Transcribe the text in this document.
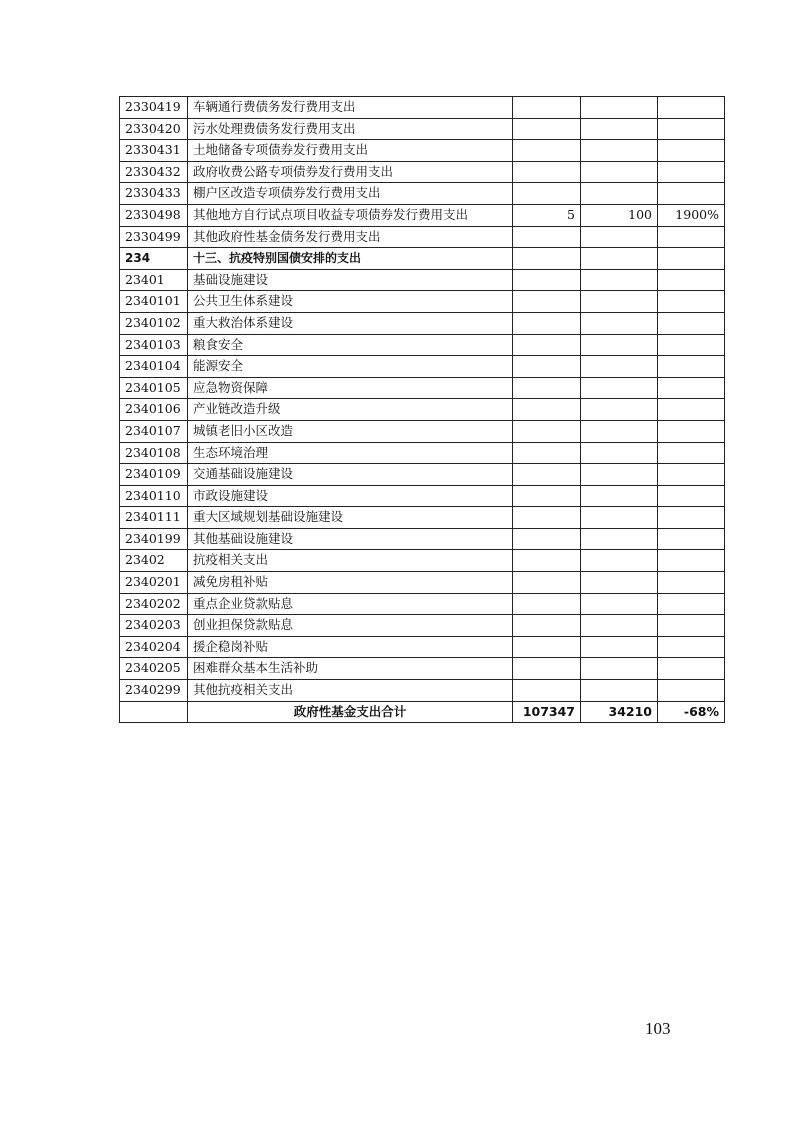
2330419	车辆通行费债务发行费用支出			
2330420	污水处理费债务发行费用支出			
2330431	土地储备专项债券发行费用支出			
2330432	政府收费公路专项债券发行费用支出			
2330433	棚户区改造专项债券发行费用支出			
2330498	其他地方自行试点项目收益专项债券发行费用支出	5	100	1900%
2330499	其他政府性基金债务发行费用支出			
234	十三、抗疫特别国债安排的支出			
23401	基础设施建设			
2340101	公共卫生体系建设			
2340102	重大救治体系建设			
2340103	粮食安全			
2340104	能源安全			
2340105	应急物资保障			
2340106	产业链改造升级			
2340107	城镇老旧小区改造			
2340108	生态环境治理			
2340109	交通基础设施建设			
2340110	市政设施建设			
2340111	重大区域规划基础设施建设			
2340199	其他基础设施建设			
23402	抗疫相关支出			
2340201	减免房租补贴			
2340202	重点企业贷款贴息			
2340203	创业担保贷款贴息			
2340204	援企稳岗补贴			
2340205	困难群众基本生活补助			
2340299	其他抗疫相关支出			
	政府性基金支出合计	107347	34210	-68%
103
